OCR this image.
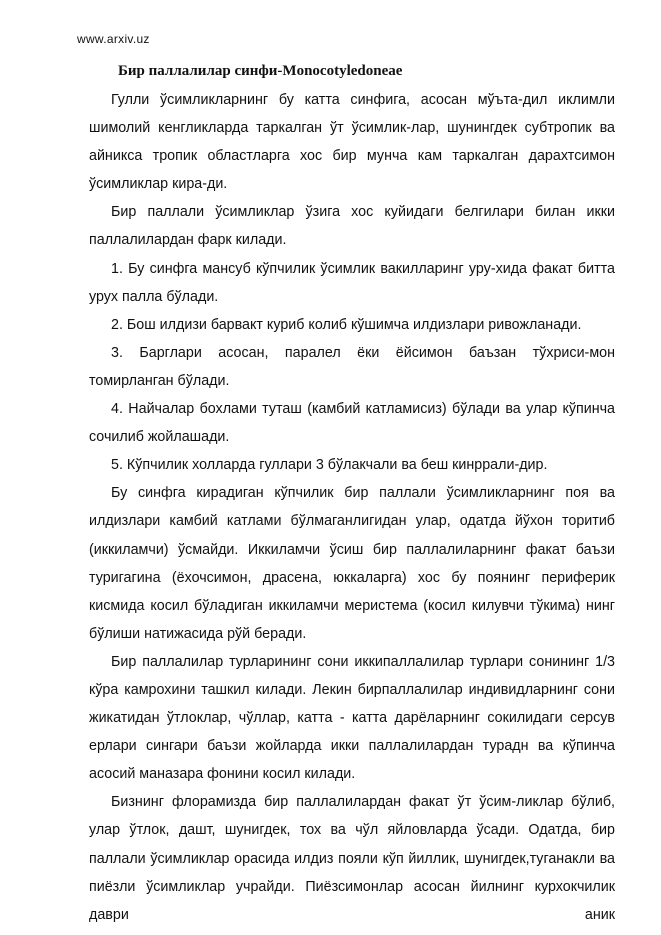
www.arxiv.uz
Бир паллалилар синфи-Monocotyledoneae

Гулли ўсимликларнинг бу катта синфига, асосан мўъта-дил иклимли шимолий кенгликларда таркалган ўт ўсимлик-лар, шунингдек субтропик ва айникса тропик областларга хос бир мунча кам таркалган дарахтсимон ўсимликлар кира-ди.

Бир паллали ўсимликлар ўзига хос куйидаги белгилари билан икки паллалилардан фарк килади.

1. Бу синфга мансуб кўпчилик ўсимлик вакилларинг уру-хида факат битта урух палла бўлади.

2. Бош илдизи барвакт куриб колиб кўшимча илдизлари ривожланади.

3. Барглари асосан, паралел ёки ёйсимон баъзан тўхриси-мон томирланган бўлади.

4. Найчалар бохлами туташ (камбий катламисиз) бўлади ва улар кўпинча сочилиб жойлашади.

5. Кўпчилик холларда гуллари 3 бўлакчали ва беш кинррали-дир.

Бу синфга кирадиган кўпчилик бир паллали ўсимликларнинг поя ва илдизлари камбий катлами бўлмаганлигидан улар, одатда йўхон торитиб (иккиламчи) ўсмайди. Иккиламчи ўсиш бир паллалиларнинг факат баъзи туригагина (ёхочсимон, драсена, юккаларга) хос бу поянинг периферик кисмида косил бўладиган иккиламчи меристема (косил килувчи тўкима) нинг бўлиши натижасида рўй беради.

Бир паллалилар турларининг сони иккипаллалилар турлари сонининг 1/3 кўра камрохини ташкил килади. Лекин бирпаллалилар индивидларнинг сони жикатидан ўтлоклар, чўллар, катта - катта дарёларнинг сокилидаги серсув ерлари сингари баъзи жойларда икки паллалилардан турадн ва кўпинча асосий маназара фонини косил килади.

Бизнинг флорамизда бир паллалилардан факат ўт ўсим-ликлар бўлиб, улар ўтлок, дашт, шунигдек, тох ва чўл яйловларда ўсади. Одатда, бир паллали ўсимликлар орасида илдиз пояли кўп йиллик, шунигдек,туганакли ва пиёзли ўсимликлар учрайди. Пиёзсимонлар асосан йилнинг курхокчилик даври аник
